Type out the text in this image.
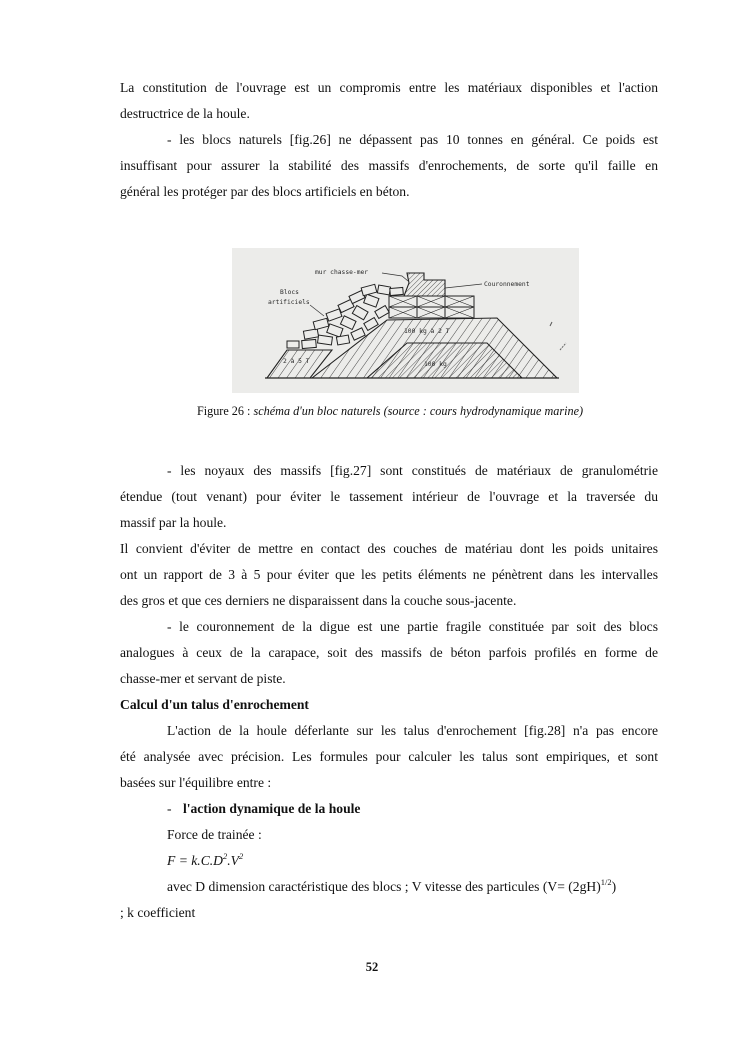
La constitution de l'ouvrage est un compromis entre les matériaux disponibles et l'action
destructrice de la houle.
- les blocs naturels [fig.26] ne dépassent pas 10 tonnes en général. Ce poids est
insuffisant pour assurer la stabilité des massifs d'enrochements, de sorte qu'il faille en
général les protéger par des blocs artificiels en béton.
mur chasse-mer
Couronnement
Blocs
artificiels
100 kg à 2 T
100 kg
2 à 5 T
Figure 26 : schéma d'un bloc naturels (source : cours hydrodynamique marine)
- les noyaux des massifs [fig.27] sont constitués de matériaux de granulométrie
étendue (tout venant) pour éviter le tassement intérieur de l'ouvrage et la traversée du
massif par la houle.
Il convient d'éviter de mettre en contact des couches de matériau dont les poids unitaires
ont un rapport de 3 à 5 pour éviter que les petits éléments ne pénètrent dans les intervalles
des gros et que ces derniers ne disparaissent dans la couche sous-jacente.
- le couronnement de la digue est une partie fragile constituée par soit des blocs
analogues à ceux de la carapace, soit des massifs de béton parfois profilés en forme de
chasse-mer et servant de piste.
Calcul d'un talus d'enrochement
L'action de la houle déferlante sur les talus d'enrochement [fig.28] n'a pas encore
été analysée avec précision. Les formules pour calculer les talus sont empiriques, et sont
basées sur l'équilibre entre :
- l'action dynamique de la houle
Force de trainée :
$F = k.C.D^2.V^2$
avec D dimension caractéristique des blocs ; V vitesse des particules $(V= (2gH)^{1/2})$
; k coefficient
52
